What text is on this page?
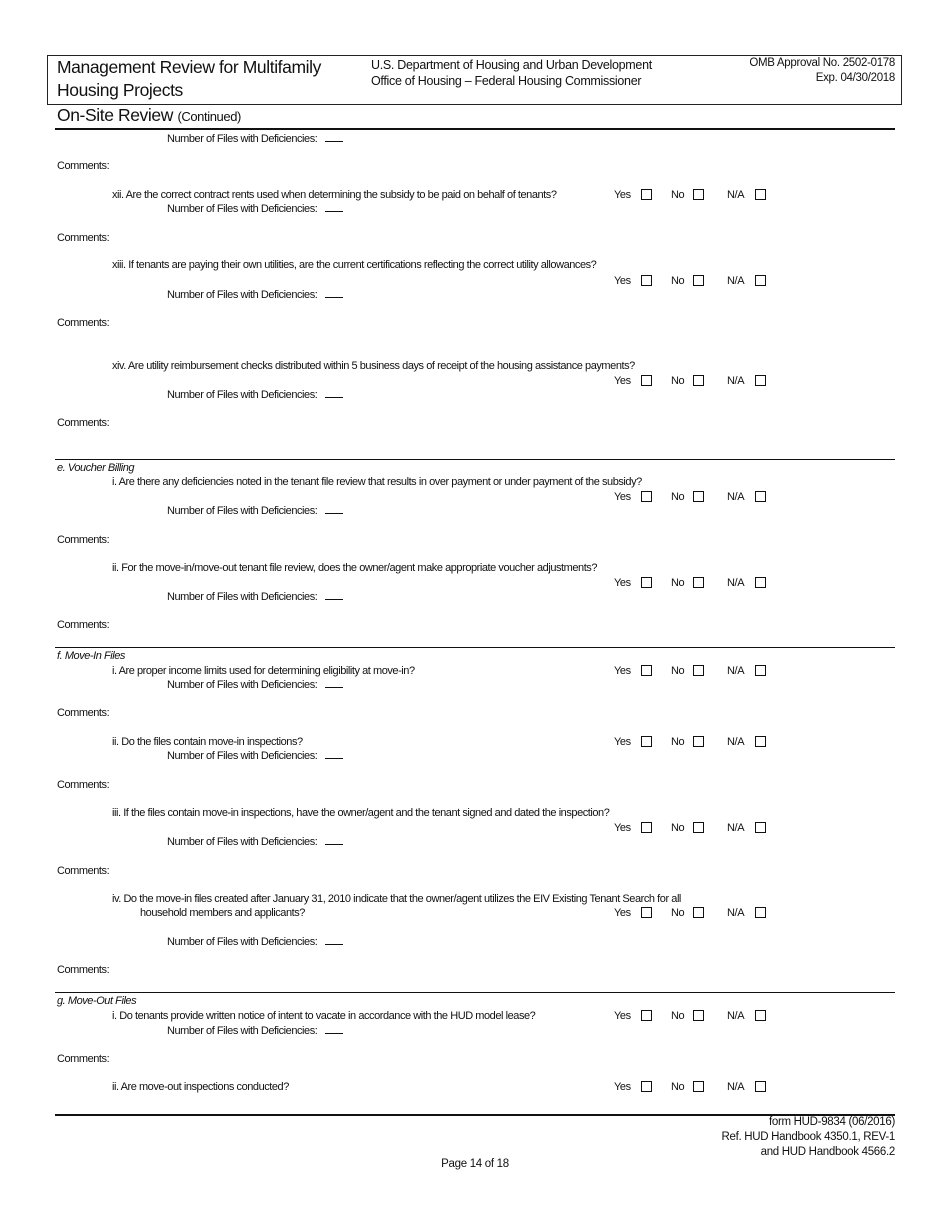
Management Review for Multifamily
Housing Projects
U.S. Department of Housing and Urban Development
Office of Housing – Federal Housing Commissioner
OMB Approval No. 2502-0178
Exp. 04/30/2018
On-Site Review (Continued)
Number of Files with Deficiencies:
Comments:
xii. Are the correct contract rents used when determining the subsidy to be paid on behalf of tenants?	Yes	No	N/A
Number of Files with Deficiencies:
Comments:
xiii. If tenants are paying their own utilities, are the current certifications reflecting the correct utility allowances?
Yes	No	N/A
Number of Files with Deficiencies:
Comments:
xiv. Are utility reimbursement checks distributed within 5 business days of receipt of the housing assistance payments?
Yes	No	N/A
Number of Files with Deficiencies:
Comments:
e. Voucher Billing
i. Are there any deficiencies noted in the tenant file review that results in over payment or under payment of the subsidy?
Yes	No	N/A
Number of Files with Deficiencies:
Comments:
ii. For the move-in/move-out tenant file review, does the owner/agent make appropriate voucher adjustments?
Yes	No	N/A
Number of Files with Deficiencies:
Comments:
f. Move-In Files
i. Are proper income limits used for determining eligibility at move-in?	Yes	No	N/A
Number of Files with Deficiencies:
Comments:
ii. Do the files contain move-in inspections?	Yes	No	N/A
Number of Files with Deficiencies:
Comments:
iii. If the files contain move-in inspections, have the owner/agent and the tenant signed and dated the inspection?
Yes	No	N/A
Number of Files with Deficiencies:
Comments:
iv. Do the move-in files created after January 31, 2010 indicate that the owner/agent utilizes the EIV Existing Tenant Search for all
household members and applicants?	Yes	No	N/A
Number of Files with Deficiencies:
Comments:
g. Move-Out Files
i. Do tenants provide written notice of intent to vacate in accordance with the HUD model lease?	Yes	No	N/A
Number of Files with Deficiencies:
Comments:
ii. Are move-out inspections conducted?	Yes	No	N/A
form HUD-9834 (06/2016)
Ref. HUD Handbook 4350.1, REV-1
and HUD Handbook 4566.2
Page 14 of 18
